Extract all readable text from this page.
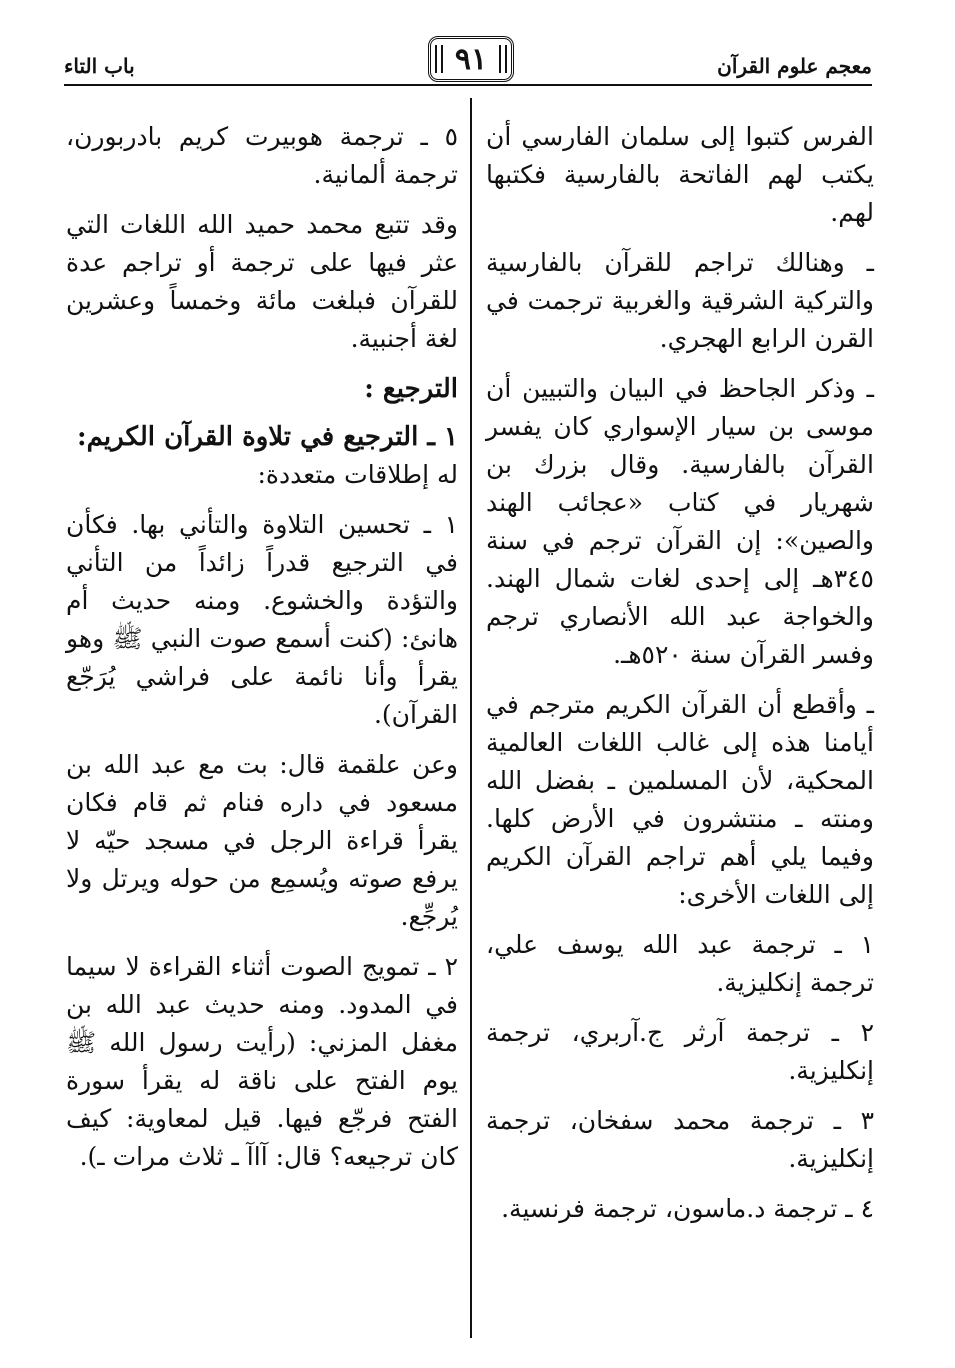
معجم علوم القرآن
٩١
باب التاء

الفرس كتبوا إلى سلمان الفارسي أن يكتب لهم الفاتحة بالفارسية فكتبها لهم.

ـ وهنالك تراجم للقرآن بالفارسية والتركية الشرقية والغربية ترجمت في القرن الرابع الهجري.

ـ وذكر الجاحظ في البيان والتبيين أن موسى بن سيار الإسواري كان يفسر القرآن بالفارسية. وقال بزرك بن شهريار في كتاب «عجائب الهند والصين»: إن القرآن ترجم في سنة ٣٤٥هـ إلى إحدى لغات شمال الهند. والخواجة عبد الله الأنصاري ترجم وفسر القرآن سنة ٥٢٠هـ.

ـ وأقطع أن القرآن الكريم مترجم في أيامنا هذه إلى غالب اللغات العالمية المحكية، لأن المسلمين ـ بفضل الله ومنته ـ منتشرون في الأرض كلها. وفيما يلي أهم تراجم القرآن الكريم إلى اللغات الأخرى:

١ ـ ترجمة عبد الله يوسف علي، ترجمة إنكليزية.

٢ ـ ترجمة آرثر ج.آربري، ترجمة إنكليزية.

٣ ـ ترجمة محمد سفخان، ترجمة إنكليزية.

٤ ـ ترجمة د.ماسون، ترجمة فرنسية.

٥ ـ ترجمة هوبيرت كريم بادربورن، ترجمة ألمانية.

وقد تتبع محمد حميد الله اللغات التي عثر فيها على ترجمة أو تراجم عدة للقرآن فبلغت مائة وخمساً وعشرين لغة أجنبية.

الترجيع :

١ ـ الترجيع في تلاوة القرآن الكريم:

له إطلاقات متعددة:

١ ـ تحسين التلاوة والتأني بها. فكأن في الترجيع قدراً زائداً من التأني والتؤدة والخشوع. ومنه حديث أم هانئ: (كنت أسمع صوت النبي ﷺ وهو يقرأ وأنا نائمة على فراشي يُرَجّع القرآن).

وعن علقمة قال: بت مع عبد الله بن مسعود في داره فنام ثم قام فكان يقرأ قراءة الرجل في مسجد حيّه لا يرفع صوته ويُسمِع من حوله ويرتل ولا يُرجِّع.

٢ ـ تمويج الصوت أثناء القراءة لا سيما في المدود. ومنه حديث عبد الله بن مغفل المزني: (رأيت رسول الله ﷺ يوم الفتح على ناقة له يقرأ سورة الفتح فرجّع فيها. قيل لمعاوية: كيف كان ترجيعه؟ قال: آاآ ـ ثلاث مرات ـ).
